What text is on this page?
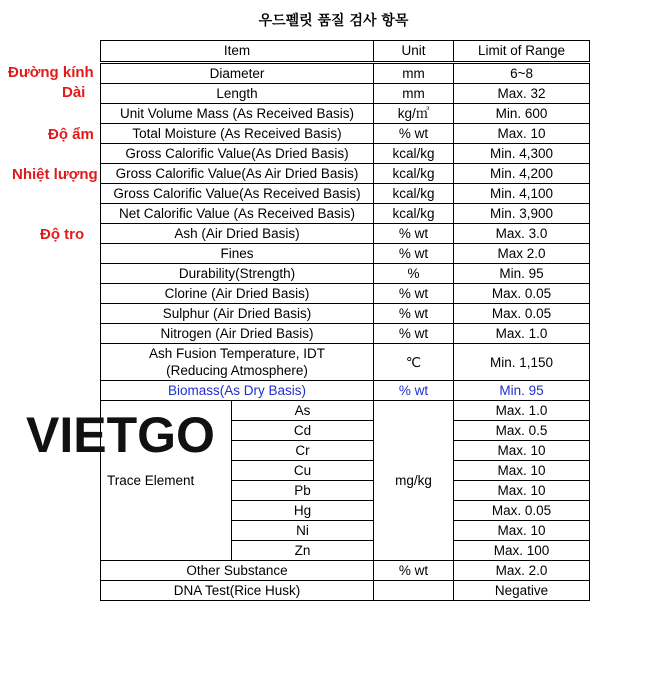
우드펠릿 품질 검사 항목
Đường kính
Dài
Độ ẩm
Nhiệt lượng
Độ tro
Item		Unit	Limit of Range
Diameter		mm	6~8
Length		mm	Max. 32
Unit Volume Mass (As Received Basis)		kg/㎥	Min. 600
Total Moisture (As Received Basis)		% wt	Max. 10
Gross Calorific Value(As Dried Basis)		kcal/kg	Min. 4,300
Gross Calorific Value(As Air Dried Basis)		kcal/kg	Min. 4,200
Gross Calorific Value(As Received Basis)		kcal/kg	Min. 4,100
Net Calorific Value (As Received Basis)		kcal/kg	Min. 3,900
Ash (Air Dried Basis)		% wt	Max. 3.0
Fines		% wt	Max 2.0
Durability(Strength)		%	Min. 95
Clorine (Air Dried Basis)		% wt	Max. 0.05
Sulphur (Air Dried Basis)		% wt	Max. 0.05
Nitrogen (Air Dried Basis)		% wt	Max. 1.0
Ash Fusion Temperature, IDT
(Reducing Atmosphere)		℃	Min. 1,150
Biomass(As Dry Basis)		% wt	Min. 95
Trace Element	As	mg/kg	Max. 1.0
	Cd		Max. 0.5
	Cr		Max. 10
	Cu		Max. 10
	Pb		Max. 10
	Hg		Max. 0.05
	Ni		Max. 10
	Zn		Max. 100
Other Substance		% wt	Max. 2.0
DNA Test(Rice Husk)			Negative
VIETGO
